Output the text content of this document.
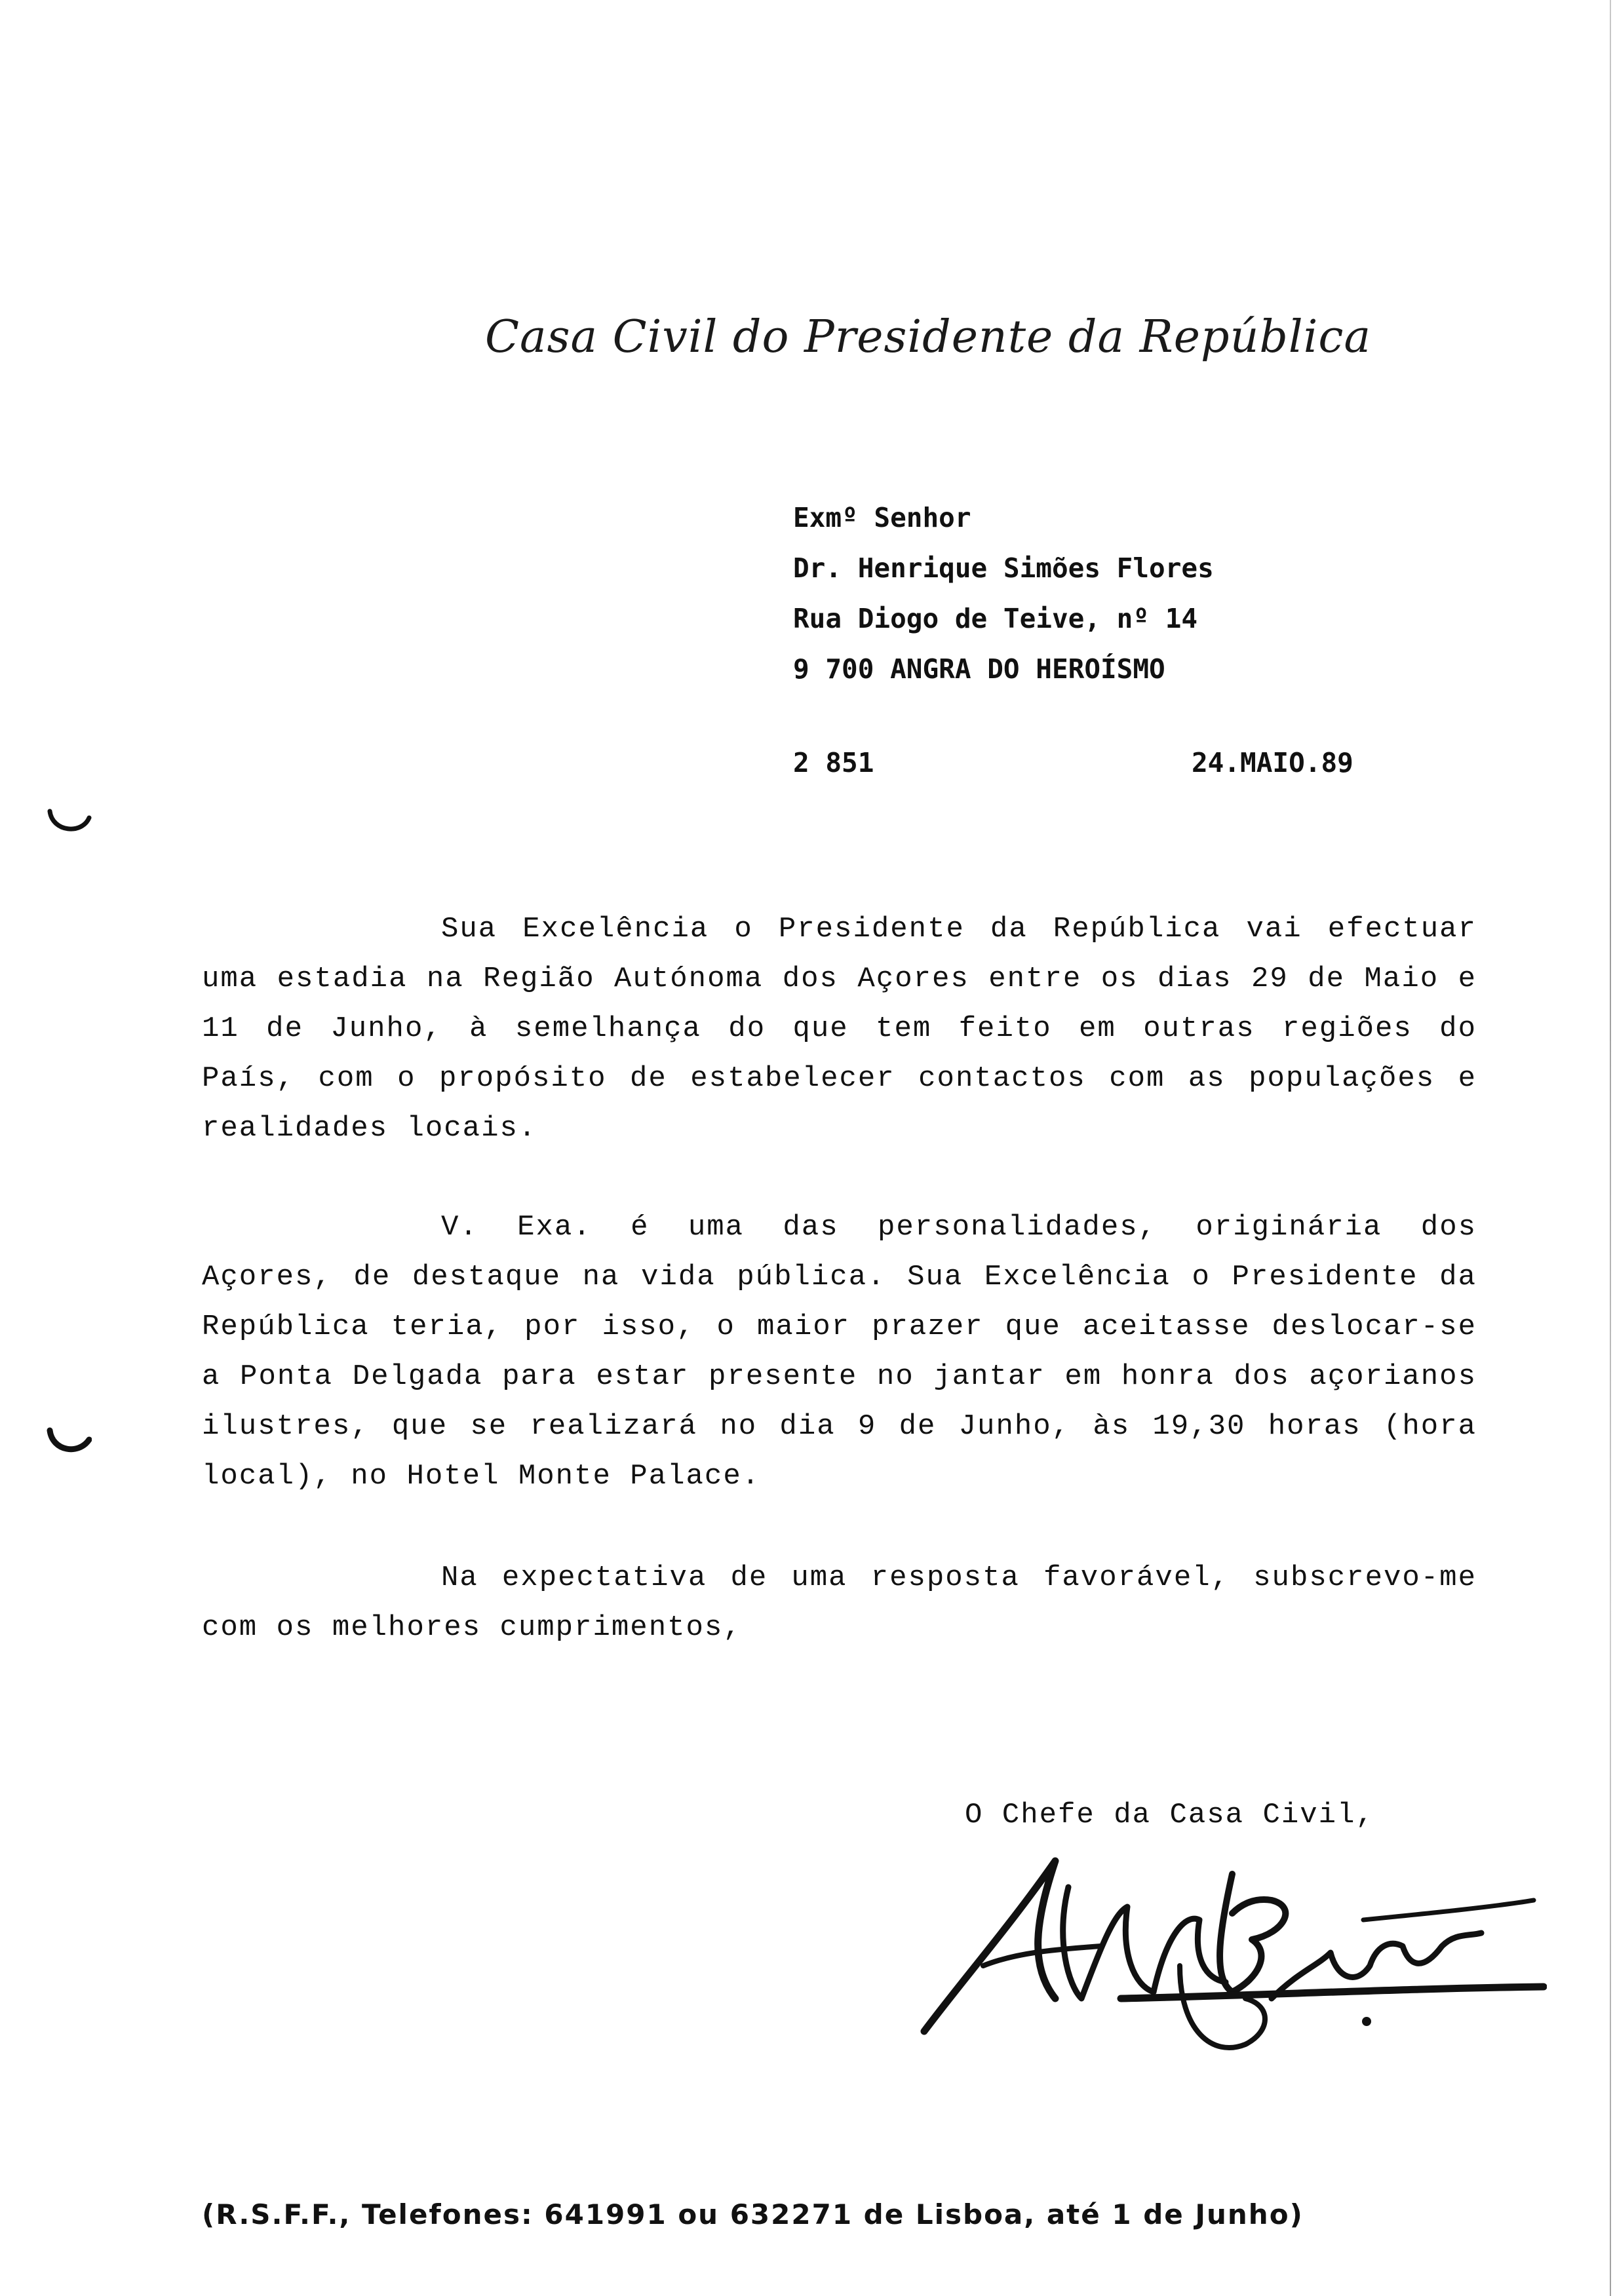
Casa Civil do Presidente da República
Exmº Senhor
Dr. Henrique Simões Flores
Rua Diogo de Teive, nº 14
9 700 ANGRA DO HEROÍSMO
2 851	24.MAIO.89

Sua Excelência o Presidente da República vai efectuar uma estadia na Região Autónoma dos Açores entre os dias 29 de Maio e 11 de Junho, à semelhança do que tem feito em outras regiões do País, com o propósito de estabelecer contactos com as populações e realidades locais.

V. Exa. é uma das personalidades, originária dos Açores, de destaque na vida pública. Sua Excelência o Presidente da República teria, por isso, o maior prazer que aceitasse deslocar-se a Ponta Delgada para estar presente no jantar em honra dos açorianos ilustres, que se realizará no dia 9 de Junho, às 19,30 horas (hora local), no Hotel Monte Palace.

Na expectativa de uma resposta favorável, subscrevo-me com os melhores cumprimentos,

O Chefe da Casa Civil,
(R.S.F.F., Telefones: 641991 ou 632271 de Lisboa, até 1 de Junho)
